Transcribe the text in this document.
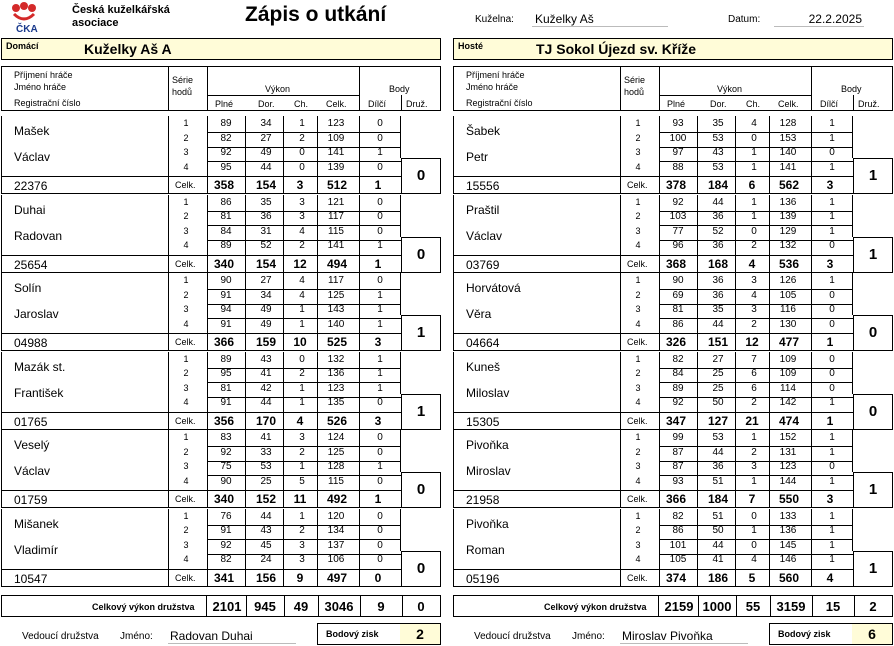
ČKA
Česká kuželkářská asociace	Zápis o utkání	Kuželna: Kuželky Aš	Datum:	22.2.2025
Domácí	Kuželky Aš A
Příjmení hráče
Jméno hráče
Registrační číslo
Série
hodů	Výkon
Plné	Dor. Ch. Celk.
Body
Dílčí Druž.
Mašek
Václav
22376
1	89	34	1	123	0
2	82	27	2	109	0
3	92	49	0	141	1
4	95	44	0	139	0
Celk.	358	154	3	512	1
0
Duhai
Radovan
25654
1	86	35	3	121	0
2	81	36	3	117	0
3	84	31	4	115	0
4	89	52	2	141	1
Celk.	340	154	12	494	1
0
Solín
Jaroslav
04988
1	90	27	4	117	0
2	91	34	4	125	1
3	94	49	1	143	1
4	91	49	1	140	1
Celk.	366	159	10	525	3
1
Mazák st.
František
01765
1	89	43	0	132	1
2	95	41	2	136	1
3	81	42	1	123	1
4	91	44	1	135	0
Celk.	356	170	4	526	3
1
Veselý
Václav
01759
1	83	41	3	124	0
2	92	33	2	125	0
3	75	53	1	128	1
4	90	25	5	115	0
Celk.	340	152	11	492	1
0
Mišanek
Vladimír
10547
1	76	44	1	120	0
2	91	43	2	134	0
3	92	45	3	137	0
4	82	24	3	106	0
Celk.	341	156	9	497	0
0
Celkový výkon družstva	2101 945	49	3046	9	0
Vedoucí družstva Jméno: Radovan Duhai	Bodový zisk	2
Hosté	TJ Sokol Újezd sv. Kříže
Příjmení hráče
Jméno hráče
Registrační číslo
Série
hodů	Výkon
Plné	Dor. Ch. Celk.
Body
Dílčí Druž.
Šabek
Petr
15556
1	93	35	4	128	1
2	100	53	0	153	1
3	97	43	1	140	0
4	88	53	1	141	1
Celk.	378	184	6	562	3
1
Praštil
Václav
03769
1	92	44	1	136	1
2	103	36	1	139	1
3	77	52	0	129	1
4	96	36	2	132	0
Celk.	368	168	4	536	3
1
Horvátová
Věra
04664
1	90	36	3	126	1
2	69	36	4	105	0
3	81	35	3	116	0
4	86	44	2	130	0
Celk.	326	151	12	477	1
0
Kuneš
Miloslav
15305
1	82	27	7	109	0
2	84	25	6	109	0
3	89	25	6	114	0
4	92	50	2	142	1
Celk.	347	127	21	474	1
0
Pivoňka
Miroslav
21958
1	99	53	1	152	1
2	87	44	2	131	1
3	87	36	3	123	0
4	93	51	1	144	1
Celk.	366	184	7	550	3
1
Pivoňka
Roman
05196
1	82	51	0	133	1
2	86	50	1	136	1
3	101	44	0	145	1
4	105	41	4	146	1
Celk.	374	186	5	560	4
1
Celkový výkon družstva	2159 1000	55	3159	15	2
Vedoucí družstva Jméno: Miroslav Pivoňka	Bodový zisk	6
